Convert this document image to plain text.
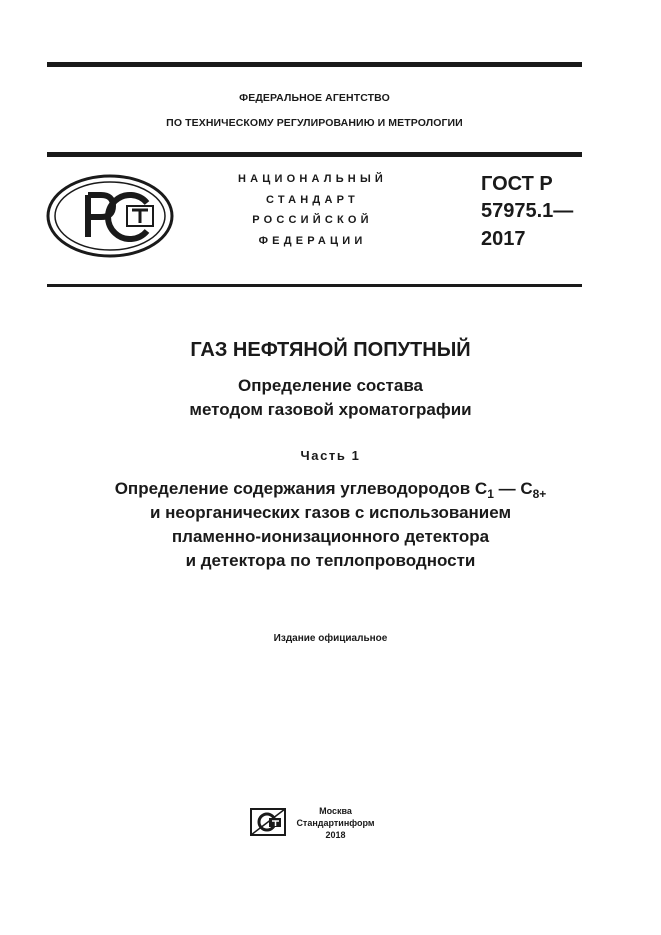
ФЕДЕРАЛЬНОЕ АГЕНТСТВО
ПО ТЕХНИЧЕСКОМУ РЕГУЛИРОВАНИЮ И МЕТРОЛОГИИ
НАЦИОНАЛЬНЫЙ
СТАНДАРТ
РОССИЙСКОЙ
ФЕДЕРАЦИИ
ГОСТ Р
57975.1—
2017
ГАЗ НЕФТЯНОЙ ПОПУТНЫЙ
Определение состава
методом газовой хроматографии
Часть 1
Определение содержания углеводородов $C_1$ — $C_{8+}$
и неорганических газов с использованием
пламенно-ионизационного детектора
и детектора по теплопроводности
Издание официальное
Москва
Стандартинформ
2018
